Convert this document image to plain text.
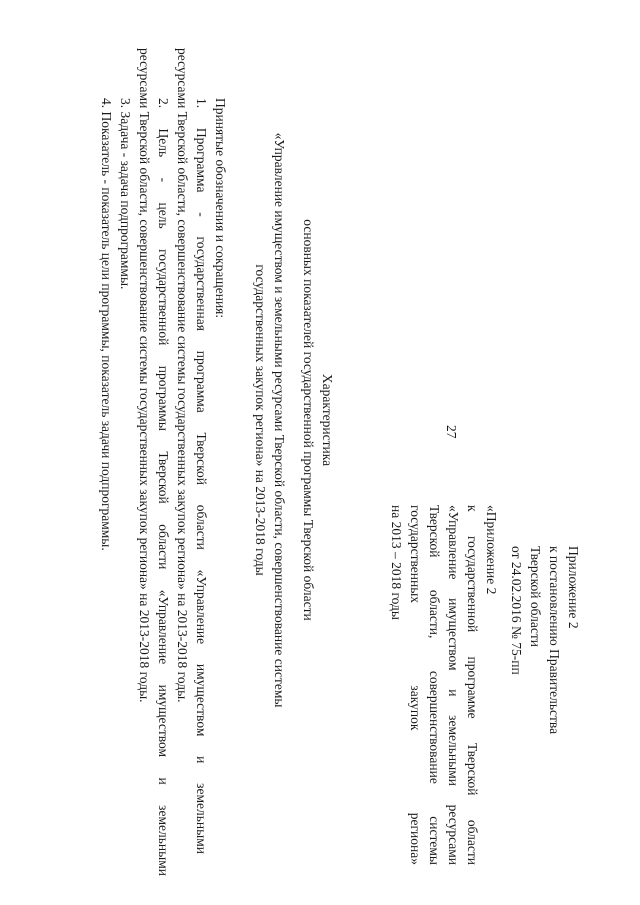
27
Приложение 2
к постановлению Правительства
Тверской области
от 24.02.2016 № 75-пп
«Приложение 2
к государственной программе Тверской области
«Управление имуществом и земельными ресурсами
Тверской области, совершенствование системы
государственных закупок региона»
на 2013 – 2018 годы
Характеристика
основных показателей государственной программы Тверской области
«Управление имуществом и земельными ресурсами Тверской области, совершенствование системы
государственных закупок региона» на 2013-2018 годы
Принятые обозначения и сокращения:
1. Программа - государственная программа Тверской области «Управление имуществом и земельными
ресурсами Тверской области, совершенствование системы государственных закупок региона» на 2013-2018 годы.
2. Цель - цель государственной программы Тверской области «Управление имуществом и земельными
ресурсами Тверской области, совершенствование системы государственных закупок региона» на 2013-2018 годы.
3. Задача - задача подпрограммы.
4. Показатель - показатель цели программы, показатель задачи подпрограммы.
